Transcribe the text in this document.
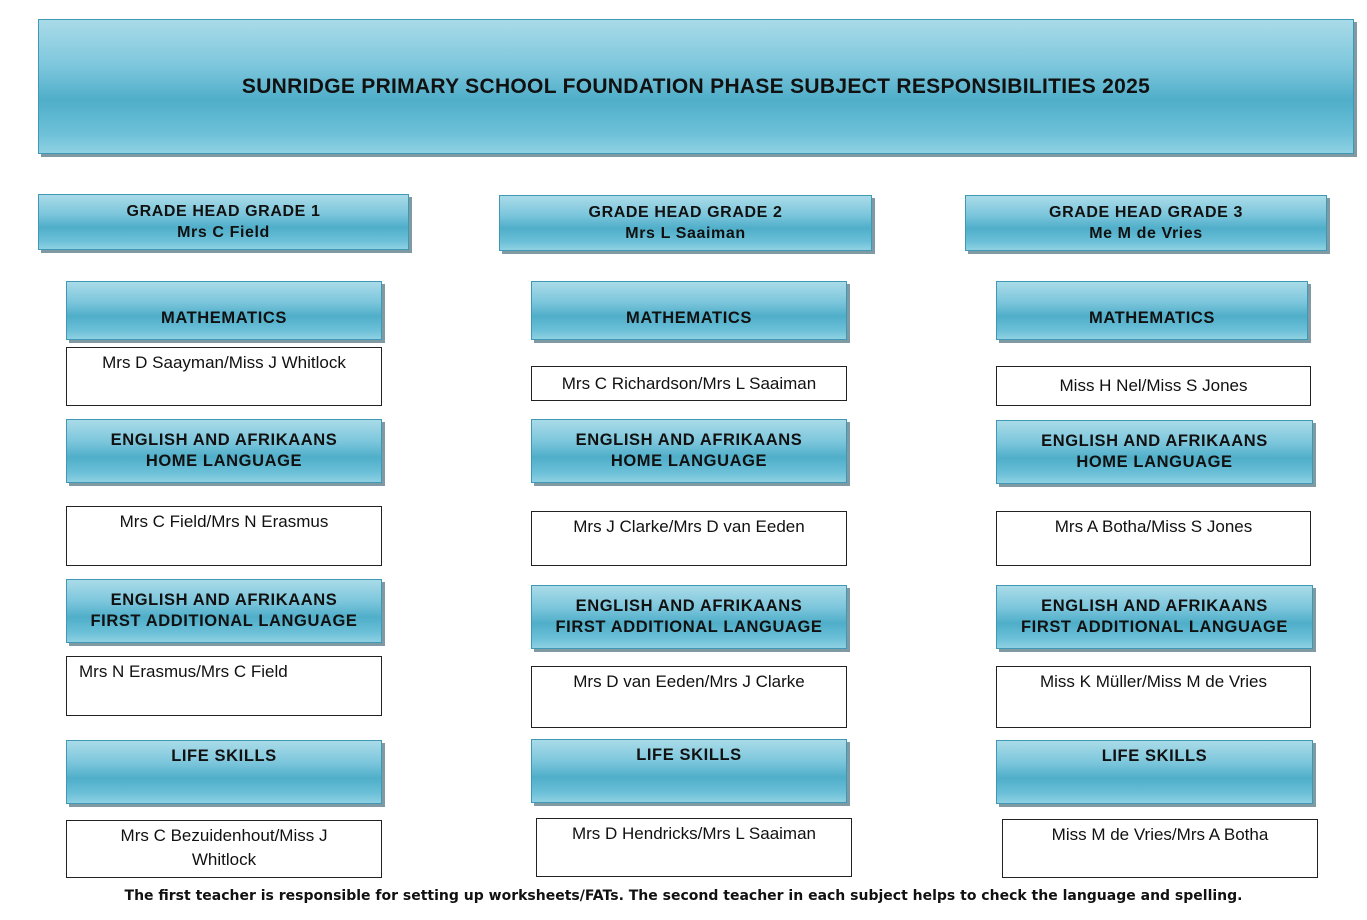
SUNRIDGE PRIMARY SCHOOL FOUNDATION PHASE SUBJECT RESPONSIBILITIES 2025
GRADE HEAD GRADE 1
Mrs C Field
MATHEMATICS
Mrs D Saayman/Miss J Whitlock
ENGLISH AND AFRIKAANS
HOME LANGUAGE
Mrs C Field/Mrs N Erasmus
ENGLISH AND AFRIKAANS
FIRST ADDITIONAL LANGUAGE
Mrs N Erasmus/Mrs C Field
LIFE SKILLS
Mrs C Bezuidenhout/Miss J Whitlock
GRADE HEAD GRADE 2
Mrs L Saaiman
MATHEMATICS
Mrs C Richardson/Mrs L Saaiman
ENGLISH AND AFRIKAANS
HOME LANGUAGE
Mrs J Clarke/Mrs D van Eeden
ENGLISH AND AFRIKAANS
FIRST ADDITIONAL LANGUAGE
Mrs D van Eeden/Mrs J Clarke
LIFE SKILLS
Mrs D Hendricks/Mrs L Saaiman
GRADE HEAD GRADE 3
Me M de Vries
MATHEMATICS
Miss H Nel/Miss S Jones
ENGLISH AND AFRIKAANS
HOME LANGUAGE
Mrs A Botha/Miss S Jones
ENGLISH AND AFRIKAANS
FIRST ADDITIONAL LANGUAGE
Miss K Müller/Miss M de Vries
LIFE SKILLS
Miss M de Vries/Mrs A Botha
The first teacher is responsible for setting up worksheets/FATs. The second teacher in each subject helps to check the language and spelling.
